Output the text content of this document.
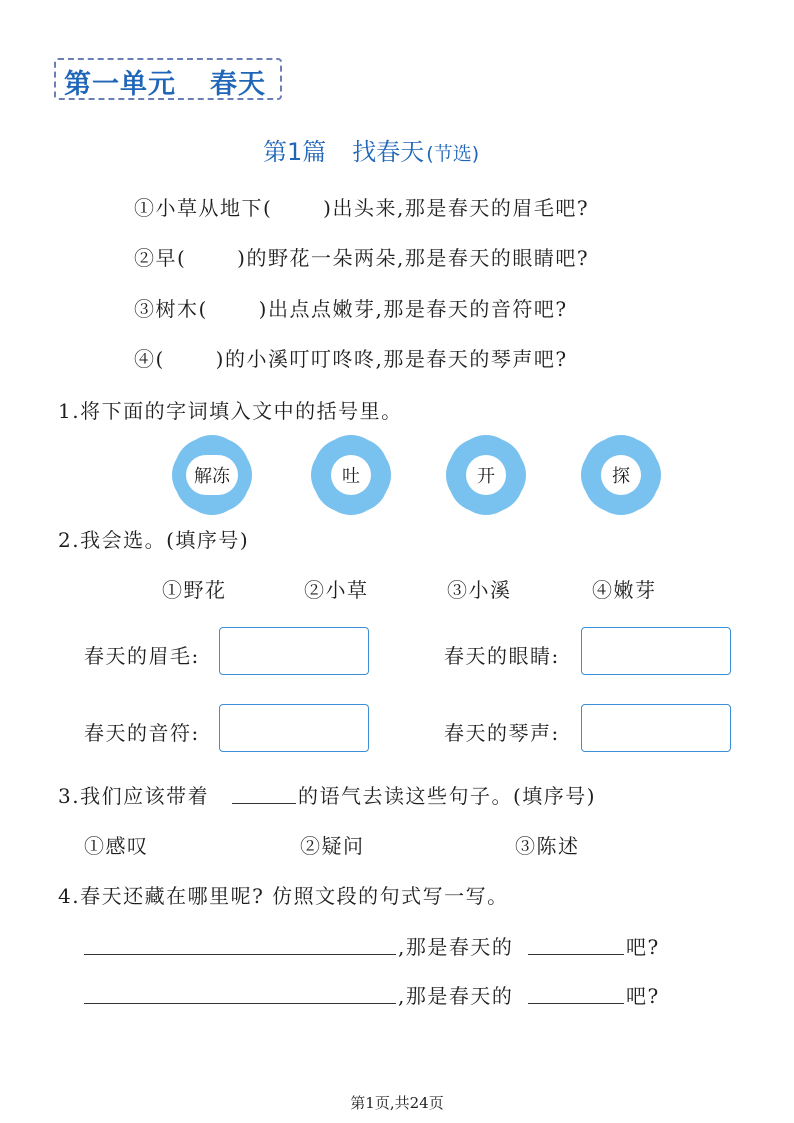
第一单元 春天
第1篇 找春天 (节选)
①小草从地下(　　 )出头来,那是春天的眉毛吧?
②早(　　 )的野花一朵两朵,那是春天的眼睛吧?
③树木(　　 )出点点嫩芽,那是春天的音符吧?
④(　　 )的小溪叮叮咚咚,那是春天的琴声吧?
1.将下面的字词填入文中的括号里。
解冻	吐	开	探
2.我会选。(填序号)
①野花	②小草	③小溪	④嫩芽
春天的眉毛:	春天的眼睛:
春天的音符:	春天的琴声:
3.我们应该带着	的语气去读这些句子。(填序号)
①感叹	②疑问	③陈述
4.春天还藏在哪里呢? 仿照文段的句式写一写。
,那是春天的	吧?
,那是春天的	吧?
第1页,共24页
